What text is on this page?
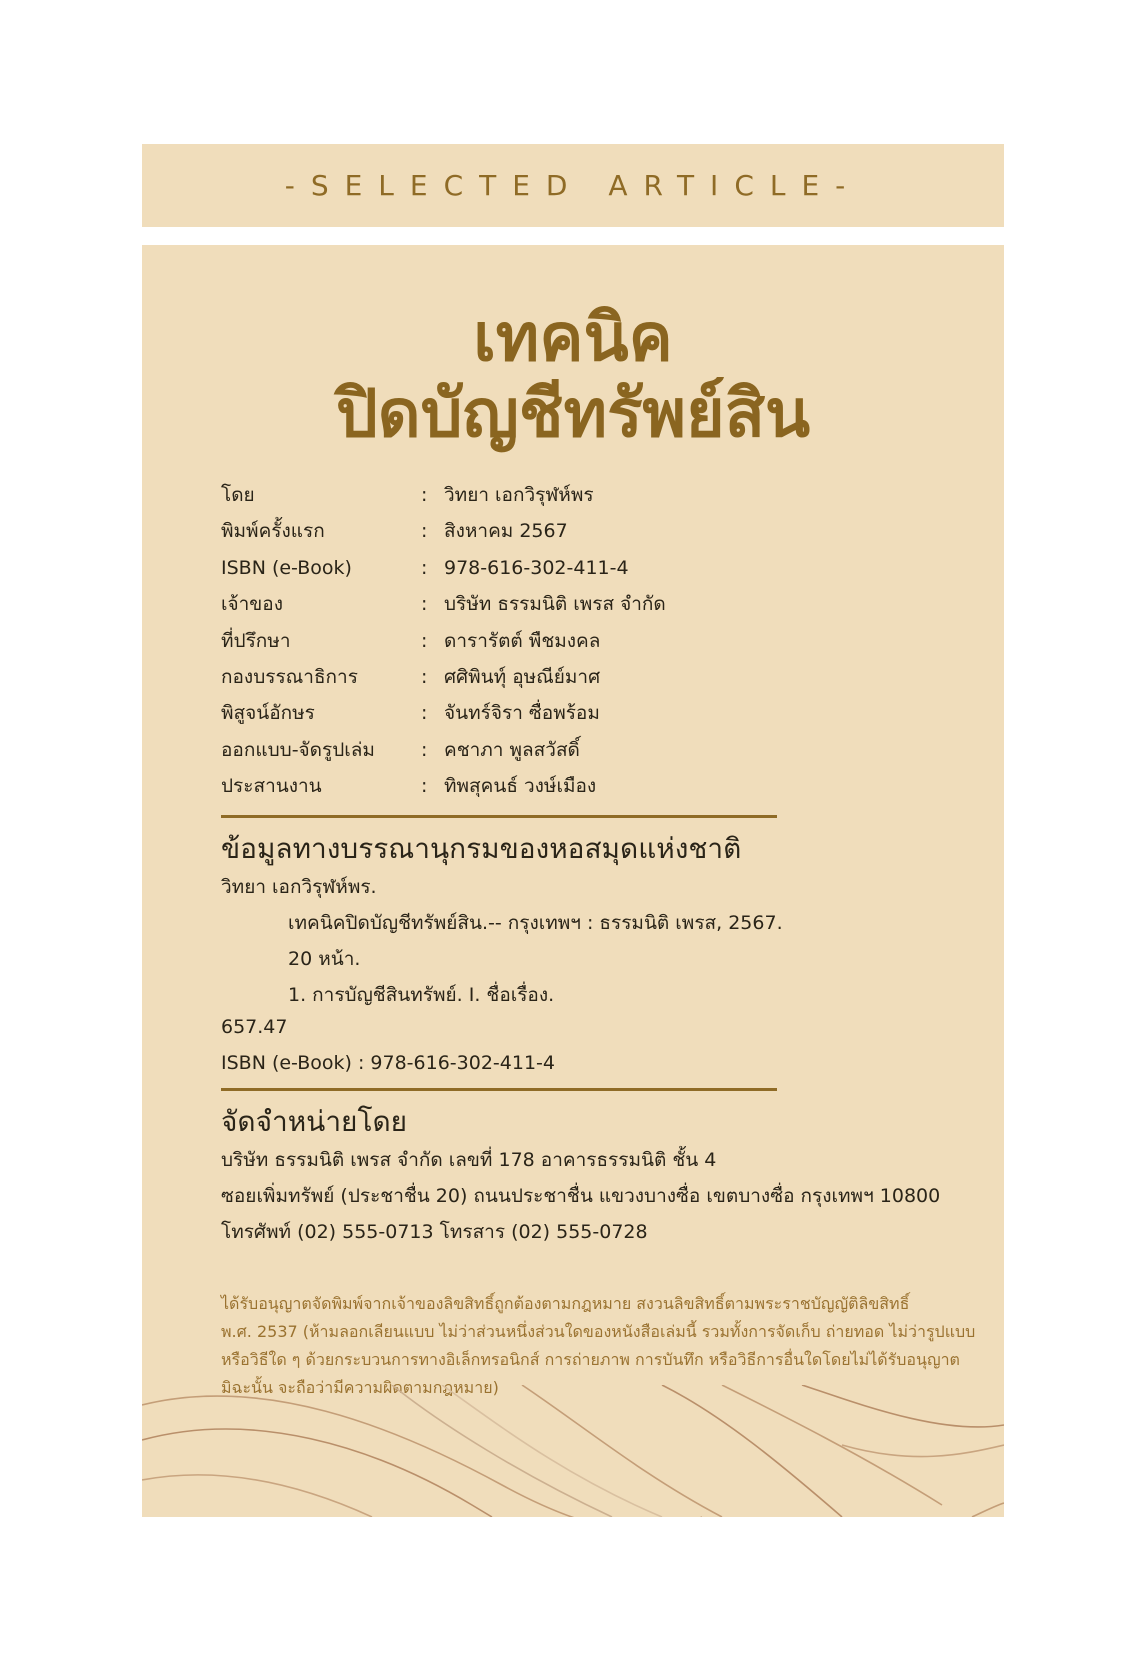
-SELECTED ARTICLE-
เทคนิค
ปิดบัญชีทรัพย์สิน
โดย	: วิทยา เอกวิรุฬห์พร
พิมพ์ครั้งแรก	: สิงหาคม 2567
ISBN (e-Book)	: 978-616-302-411-4
เจ้าของ	: บริษัท ธรรมนิติ เพรส จำกัด
ที่ปรึกษา	: ดารารัตต์ พืชมงคล
กองบรรณาธิการ	: ศศิพินทุ์ อุษณีย์มาศ
พิสูจน์อักษร	: จันทร์จิรา ซื่อพร้อม
ออกแบบ-จัดรูปเล่ม : คชาภา พูลสวัสดิ์
ประสานงาน	: ทิพสุคนธ์ วงษ์เมือง
ข้อมูลทางบรรณานุกรมของหอสมุดแห่งชาติ
วิทยา เอกวิรุฬห์พร.
เทคนิคปิดบัญชีทรัพย์สิน.-- กรุงเทพฯ : ธรรมนิติ เพรส, 2567.
20 หน้า.
1. การบัญชีสินทรัพย์. I. ชื่อเรื่อง.
657.47
ISBN (e-Book) : 978-616-302-411-4
จัดจำหน่ายโดย
บริษัท ธรรมนิติ เพรส จำกัด เลขที่ 178 อาคารธรรมนิติ ชั้น 4
ซอยเพิ่มทรัพย์ (ประชาชื่น 20) ถนนประชาชื่น แขวงบางซื่อ เขตบางซื่อ กรุงเทพฯ 10800
โทรศัพท์ (02) 555-0713 โทรสาร (02) 555-0728
ได้รับอนุญาตจัดพิมพ์จากเจ้าของลิขสิทธิ์ถูกต้องตามกฎหมาย สงวนลิขสิทธิ์ตามพระราชบัญญัติลิขสิทธิ์
พ.ศ. 2537 (ห้ามลอกเลียนแบบ ไม่ว่าส่วนหนึ่งส่วนใดของหนังสือเล่มนี้ รวมทั้งการจัดเก็บ ถ่ายทอด ไม่ว่ารูปแบบ
หรือวิธีใด ๆ ด้วยกระบวนการทางอิเล็กทรอนิกส์ การถ่ายภาพ การบันทึก หรือวิธีการอื่นใดโดยไม่ได้รับอนุญาต
มิฉะนั้น จะถือว่ามีความผิดตามกฎหมาย)
